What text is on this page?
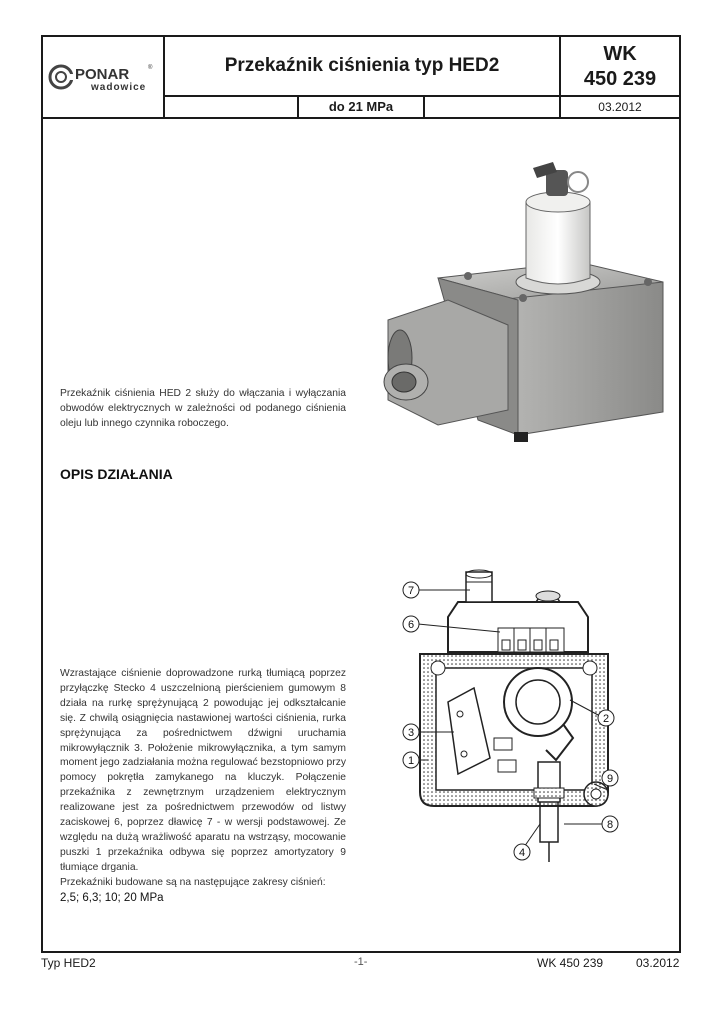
PONAR	®
wadowice
Przekaźnik ciśnienia typ HED2
WK
450 239
do 21 MPa	03.2012
Przekaźnik ciśnienia HED 2 służy do włączania i wyłączania obwodów elektrycznych w zależności od podanego ciśnienia oleju lub innego czynnika roboczego.
OPIS DZIAŁANIA
7
6
3
1
2
9
8
4

Wzrastające ciśnienie doprowadzone rurką tłumiącą poprzez przyłączkę Stecko 4 uszczelnioną pierścieniem gumowym 8 działa na rurkę sprężynującą 2 powodując jej odkształcanie się. Z chwilą osiągnięcia nastawionej wartości ciśnienia, rurka sprężynująca za pośrednictwem dźwigni uruchamia mikrowyłącznik 3. Położenie mikrowyłącznika, a tym samym moment jego zadziałania można regulować bezstopniowo przy pomocy pokrętła zamykanego na kluczyk. Połączenie przekaźnika z zewnętrznym urządzeniem elektrycznym realizowane jest za pośrednictwem przewodów od listwy zaciskowej 6, poprzez dławicę 7 - w wersji podstawowej. Ze względu na dużą wrażliwość aparatu na wstrząsy, mocowanie puszki 1 przekaźnika odbywa się poprzez amortyzatory 9 tłumiące drgania.

Przekaźniki budowane są na następujące zakresy ciśnień:

2,5; 6,3; 10; 20 MPa

Typ HED2	-1-	WK 450 239	03.2012
